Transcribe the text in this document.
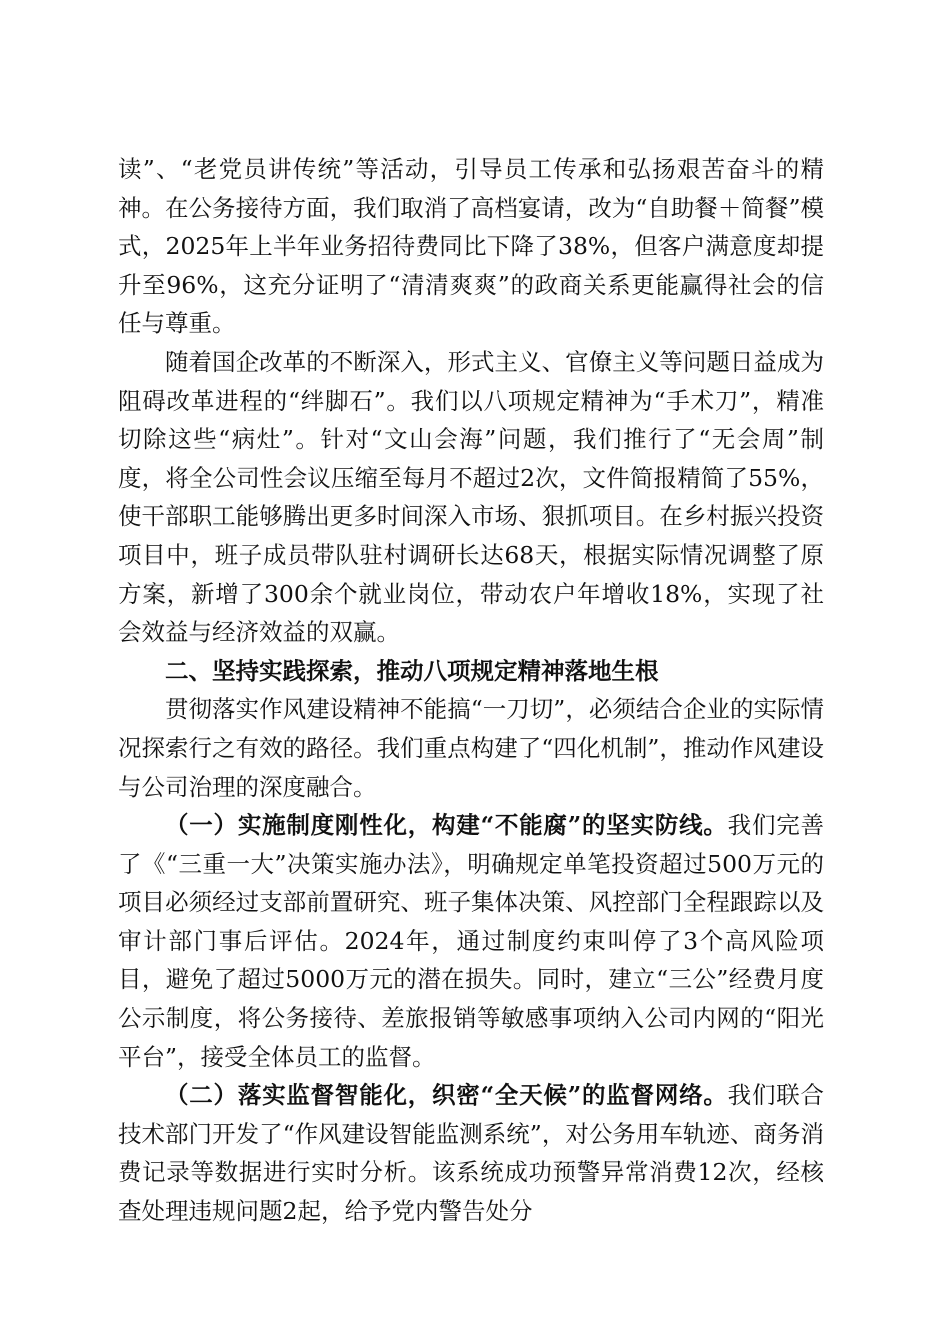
读”、“老党员讲传统”等活动，引导员工传承和弘扬艰苦奋斗的精神。在公务接待方面，我们取消了高档宴请，改为“自助餐＋简餐”模式，2025年上半年业务招待费同比下降了38%，但客户满意度却提升至96%，这充分证明了“清清爽爽”的政商关系更能赢得社会的信任与尊重。

随着国企改革的不断深入，形式主义、官僚主义等问题日益成为阻碍改革进程的“绊脚石”。我们以八项规定精神为“手术刀”，精准切除这些“病灶”。针对“文山会海”问题，我们推行了“无会周”制度，将全公司性会议压缩至每月不超过2次，文件简报精简了55%，使干部职工能够腾出更多时间深入市场、狠抓项目。在乡村振兴投资项目中，班子成员带队驻村调研长达68天，根据实际情况调整了原方案，新增了300余个就业岗位，带动农户年增收18%，实现了社会效益与经济效益的双赢。

二、坚持实践探索，推动八项规定精神落地生根

贯彻落实作风建设精神不能搞“一刀切”，必须结合企业的实际情况探索行之有效的路径。我们重点构建了“四化机制”，推动作风建设与公司治理的深度融合。

（一）实施制度刚性化，构建“不能腐”的坚实防线。我们完善了《“三重一大”决策实施办法》，明确规定单笔投资超过500万元的项目必须经过支部前置研究、班子集体决策、风控部门全程跟踪以及审计部门事后评估。2024年，通过制度约束叫停了3个高风险项目，避免了超过5000万元的潜在损失。同时，建立“三公”经费月度公示制度，将公务接待、差旅报销等敏感事项纳入公司内网的“阳光平台”，接受全体员工的监督。

（二）落实监督智能化，织密“全天候”的监督网络。我们联合技术部门开发了“作风建设智能监测系统”，对公务用车轨迹、商务消费记录等数据进行实时分析。该系统成功预警异常消费12次，经核查处理违规问题2起，给予党内警告处分
